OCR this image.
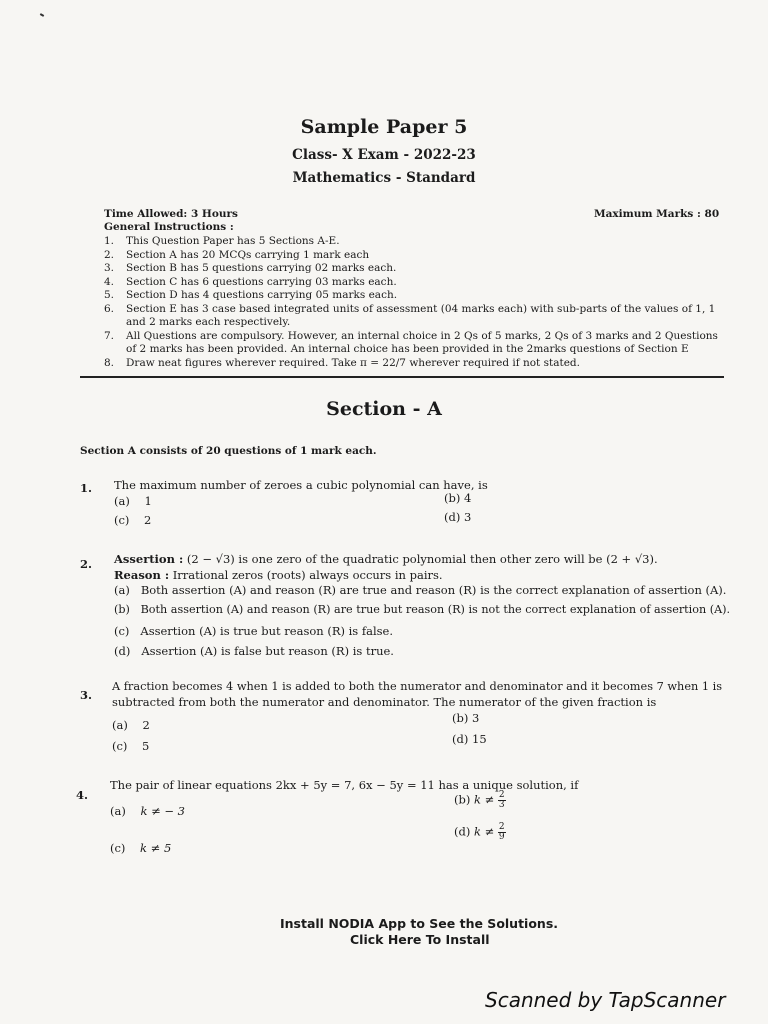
Sample Paper 5
Class- X Exam - 2022-23
Mathematics - Standard
Time Allowed: 3 Hours	Maximum Marks : 80
General Instructions :
1. This Question Paper has 5 Sections A-E.
2. Section A has 20 MCQs carrying 1 mark each
3. Section B has 5 questions carrying 02 marks each.
4. Section C has 6 questions carrying 03 marks each.
5. Section D has 4 questions carrying 05 marks each.
6. Section E has 3 case based integrated units of assessment (04 marks each) with sub-parts of the values of 1, 1
and 2 marks each respectively.
7. All Questions are compulsory. However, an internal choice in 2 Qs of 5 marks, 2 Qs of 3 marks and 2 Questions
of 2 marks has been provided. An internal choice has been provided in the 2marks questions of Section E
8. Draw neat figures wherever required. Take π = 22/7 wherever required if not stated.
Section - A
Section A consists of 20 questions of 1 mark each.
1. The maximum number of zeroes a cubic polynomial can have, is
(a) 1	(b) 4
(c) 2	(d) 3
2. Assertion : (2 − √3) is one zero of the quadratic polynomial then other zero will be (2 + √3).
Reason : Irrational zeros (roots) always occurs in pairs.
(a) Both assertion (A) and reason (R) are true and reason (R) is the correct explanation of assertion (A).
(b) Both assertion (A) and reason (R) are true but reason (R) is not the correct explanation of assertion (A).
(c) Assertion (A) is true but reason (R) is false.
(d) Assertion (A) is false but reason (R) is true.
3.
A fraction becomes 4 when 1 is added to both the numerator and denominator and it becomes 7 when 1 is
subtracted from both the numerator and denominator. The numerator of the given fraction is
(a) 2	(b) 3
(c) 5	(d) 15
4.
The pair of linear equations 2kx + 5y = 7, 6x − 5y = 11 has a unique solution, if
(a) k ≠ − 3
(b) $k \ne \frac{2}{3}$
(c) k ≠ 5
(d) $k \ne \frac{2}{9}$
Install NODIA App to See the Solutions.
Click Here To Install
Scanned by TapScanner
